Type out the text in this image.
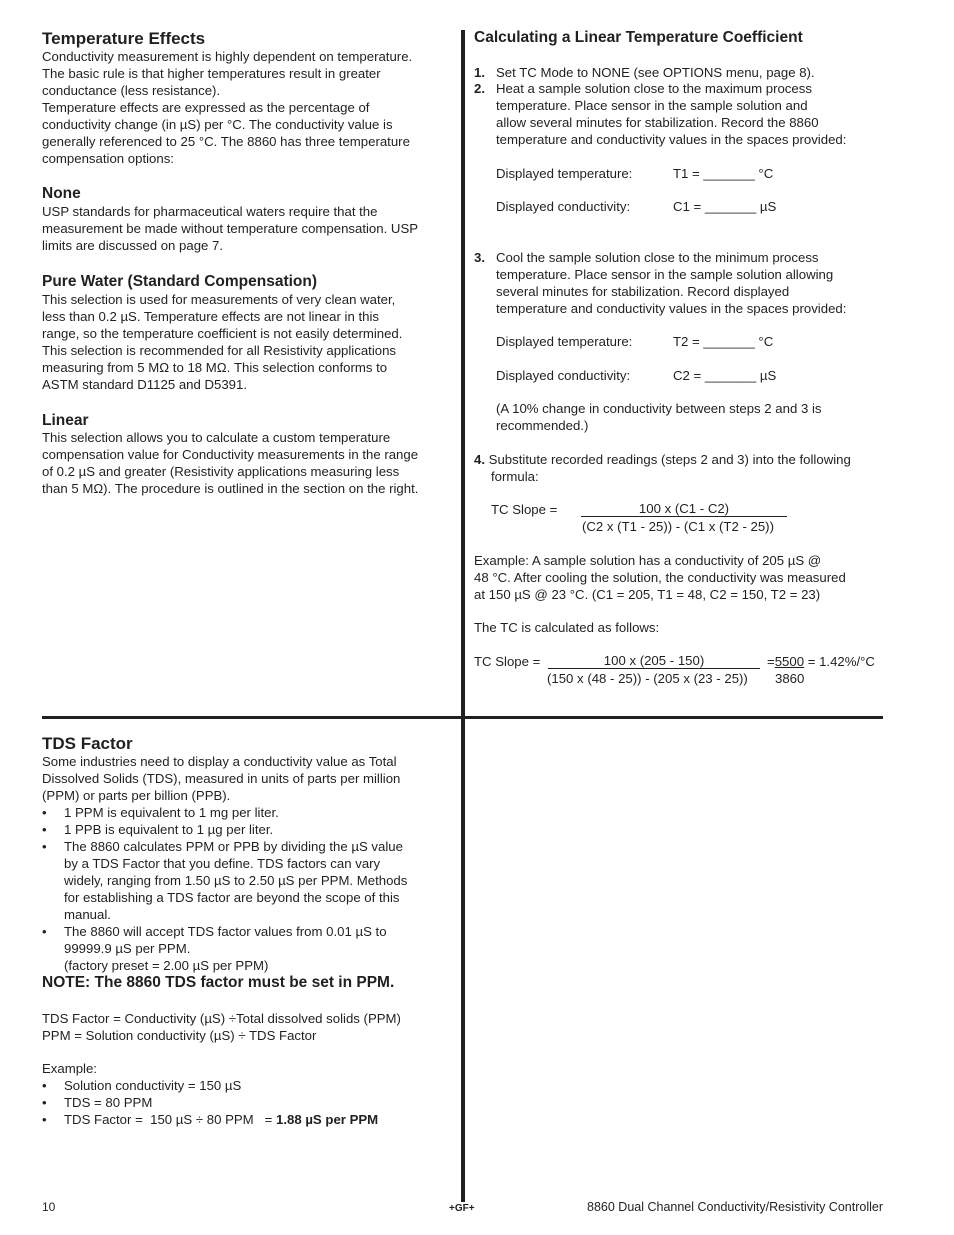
Temperature Effects
Conductivity measurement is highly dependent on temperature.
The basic rule is that higher temperatures result in greater
conductance (less resistance).
Temperature effects are expressed as the percentage of
conductivity change (in µS) per °C. The conductivity value is
generally referenced to 25 °C. The 8860 has three temperature
compensation options:
None
USP standards for pharmaceutical waters require that the
measurement be made without temperature compensation. USP
limits are discussed on page 7.
Pure Water (Standard Compensation)
This selection is used for measurements of very clean water,
less than 0.2 µS. Temperature effects are not linear in this
range, so the temperature coefficient is not easily determined.
This selection is recommended for all Resistivity applications
measuring from 5 MΩ to 18 MΩ. This selection conforms to
ASTM standard D1125 and D5391.
Linear
This selection allows you to calculate a custom temperature
compensation value for Conductivity measurements in the range
of 0.2 µS and greater (Resistivity applications measuring less
than 5 MΩ). The procedure is outlined in the section on the right.
Calculating a Linear Temperature Coefficient
1. Set TC Mode to NONE (see OPTIONS menu, page 8).
2. Heat a sample solution close to the maximum process
temperature. Place sensor in the sample solution and
allow several minutes for stabilization. Record the 8860
temperature and conductivity values in the spaces provided:
Displayed temperature:	T1 = _______ °C
Displayed conductivity:	C1 = _______ µS
3. Cool the sample solution close to the minimum process
temperature. Place sensor in the sample solution allowing
several minutes for stabilization. Record displayed
temperature and conductivity values in the spaces provided:
Displayed temperature:	T2 = _______ °C
Displayed conductivity:	C2 = _______ µS
(A 10% change in conductivity between steps 2 and 3 is
recommended.)
4. Substitute recorded readings (steps 2 and 3) into the following
formula:
TC Slope =	100 x (C1 - C2)
(C2 x (T1 - 25)) - (C1 x (T2 - 25))
Example: A sample solution has a conductivity of 205 µS @
48 °C. After cooling the solution, the conductivity was measured
at 150 µS @ 23 °C. (C1 = 205, T1 = 48, C2 = 150, T2 = 23)
The TC is calculated as follows:
TC Slope =	100 x (205 - 150)	=5500 = 1.42%/°C
(150 x (48 - 25)) - (205 x (23 - 25)) 3860
TDS Factor
Some industries need to display a conductivity value as Total
Dissolved Solids (TDS), measured in units of parts per million
(PPM) or parts per billion (PPB).
• 1 PPM is equivalent to 1 mg per liter.
• 1 PPB is equivalent to 1 µg per liter.
• The 8860 calculates PPM or PPB by dividing the µS value
by a TDS Factor that you define. TDS factors can vary
widely, ranging from 1.50 µS to 2.50 µS per PPM. Methods
for establishing a TDS factor are beyond the scope of this
manual.
• The 8860 will accept TDS factor values from 0.01 µS to
99999.9 µS per PPM.
(factory preset = 2.00 µS per PPM)
NOTE: The 8860 TDS factor must be set in PPM.
TDS Factor = Conductivity (µS) ÷Total dissolved solids (PPM)
PPM = Solution conductivity (µS) ÷ TDS Factor
Example:
• Solution conductivity = 150 µS
• TDS = 80 PPM
• TDS Factor =  150 µS ÷ 80 PPM   = 1.88 µS per PPM
10	+GF+	8860 Dual Channel Conductivity/Resistivity Controller
